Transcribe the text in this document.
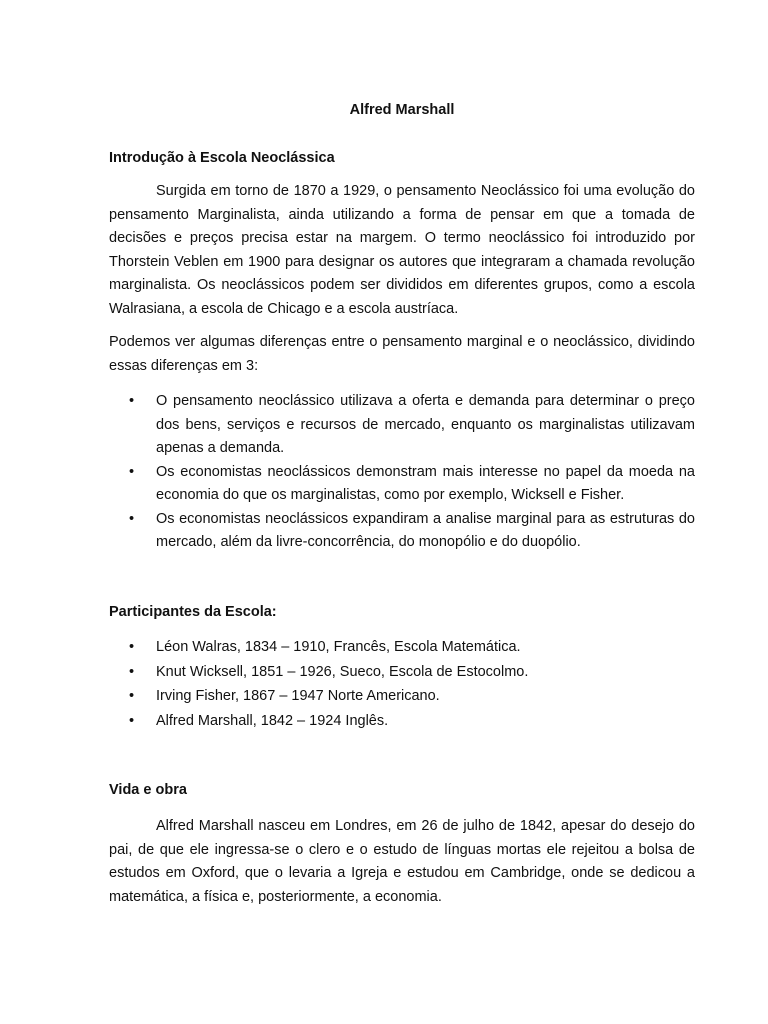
Alfred Marshall
Introdução à Escola Neoclássica

Surgida em torno de 1870 a 1929, o pensamento Neoclássico foi uma evolução do pensamento Marginalista, ainda utilizando a forma de pensar em que a tomada de decisões e preços precisa estar na margem. O termo neoclássico foi introduzido por Thorstein Veblen em 1900 para designar os autores que integraram a chamada revolução marginalista. Os neoclássicos podem ser divididos em diferentes grupos, como a escola Walrasiana, a escola de Chicago e a escola austríaca.

Podemos ver algumas diferenças entre o pensamento marginal e o neoclássico, dividindo essas diferenças em 3:

• O pensamento neoclássico utilizava a oferta e demanda para determinar o preço dos bens, serviços e recursos de mercado, enquanto os marginalistas utilizavam apenas a demanda.
• Os economistas neoclássicos demonstram mais interesse no papel da moeda na economia do que os marginalistas, como por exemplo, Wicksell e Fisher.
• Os economistas neoclássicos expandiram a analise marginal para as estruturas do mercado, além da livre-concorrência, do monopólio e do duopólio.
Participantes da Escola:
• Léon Walras, 1834 – 1910, Francês, Escola Matemática.
• Knut Wicksell, 1851 – 1926, Sueco, Escola de Estocolmo.
• Irving Fisher, 1867 – 1947 Norte Americano.
• Alfred Marshall, 1842 – 1924 Inglês.
Vida e obra

Alfred Marshall nasceu em Londres, em 26 de julho de 1842, apesar do desejo do pai, de que ele ingressa-se o clero e o estudo de línguas mortas ele rejeitou a bolsa de estudos em Oxford, que o levaria a Igreja e estudou em Cambridge, onde se dedicou a matemática, a física e, posteriormente, a economia.
